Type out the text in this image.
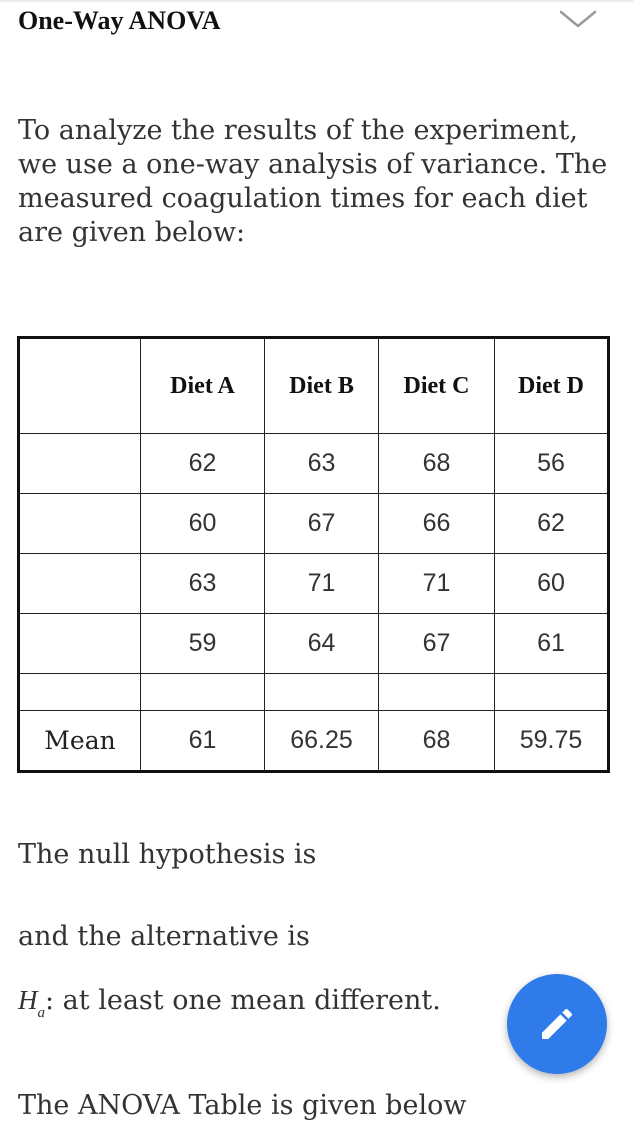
One-Way ANOVA

To analyze the results of the experiment, we use a one-way analysis of variance. The measured coagulation times for each diet are given below:

	Diet A	Diet B	Diet C	Diet D
	62	63	68	56
	60	67	66	62
	63	71	71	60
	59	64	67	61

Mean	61	66.25	68	59.75

The null hypothesis is

and the alternative is

$H_a$: at least one mean different.

The ANOVA Table is given below
